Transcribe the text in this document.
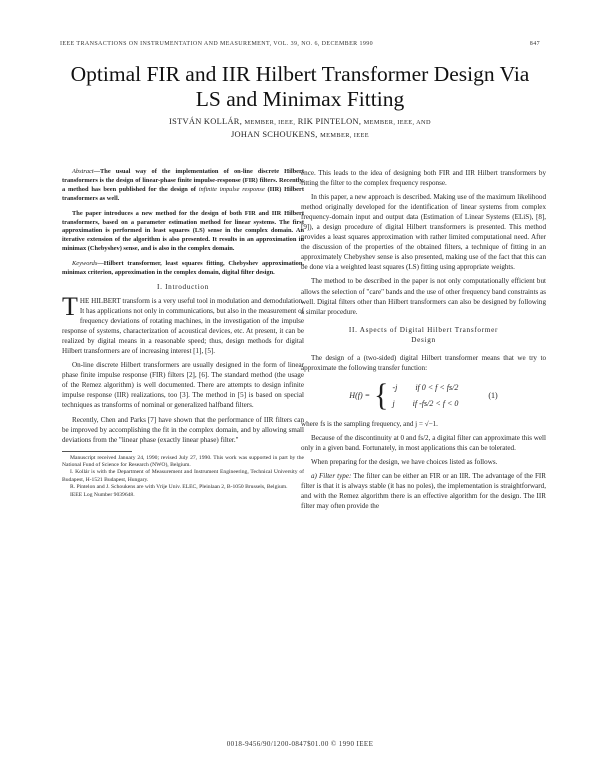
IEEE TRANSACTIONS ON INSTRUMENTATION AND MEASUREMENT, VOL. 39, NO. 6, DECEMBER 1990	847
Optimal FIR and IIR Hilbert Transformer Design Via
LS and Minimax Fitting
ISTVÁN KOLLÁR, MEMBER, IEEE, RIK PINTELON, MEMBER, IEEE, AND
JOHAN SCHOUKENS, MEMBER, IEEE

Abstract—The usual way of the implementation of on-line discrete Hilbert transformers is the design of linear-phase finite impulse-response (FIR) filters. Recently, a method has been published for the design of infinite impulse response (IIR) Hilbert transformers as well.

The paper introduces a new method for the design of both FIR and IIR Hilbert transformers, based on a parameter estimation method for linear systems. The first approximation is performed in least squares (LS) sense in the complex domain. An iterative extension of the algorithm is also presented. It results in an approximation in minimax (Chebyshev) sense, and is also in the complex domain.

Keywords—Hilbert transformer, least squares fitting, Chebyshev approximation, minimax criterion, approximation in the complex domain, digital filter design.

I. Introduction

THE HILBERT transform is a very useful tool in modulation and demodulation. It has applications not only in communications, but also in the measurement of frequency deviations of rotating machines, in the investigation of the impulse response of systems, characterization of acoustical devices, etc. At present, it can be realized by digital means in a reasonable speed; thus, design methods for digital Hilbert transformers are of increasing interest [1], [5].

On-line discrete Hilbert transformers are usually designed in the form of linear phase finite impulse response (FIR) filters [2], [6]. The standard method (the usage of the Remez algorithm) is well documented. There are attempts to design infinite impulse response (IIR) realizations, too [3]. The method in [5] is based on special techniques as transforms of nominal or generalized halfband filters.

Recently, Chen and Parks [7] have shown that the performance of IIR filters can be improved by accomplishing the fit in the complex domain, and by allowing small deviations from the "linear phase (exactly linear phase) filter."

Manuscript received January 24, 1990; revised July 27, 1990. This work was supported in part by the National Fund of Science for Research (NWO), Belgium.
I. Kollár is with the Department of Measurement and Instrument Engineering, Technical University of Budapest, H-1521 Budapest, Hungary.
R. Pintelon and J. Schoukens are with Vrije Univ. ELEC, Pleinlaan 2, B-1050 Brussels, Belgium.
IEEE Log Number 9039648.

ence. This leads to the idea of designing both FIR and IIR Hilbert transformers by fitting the filter to the complex frequency response.

In this paper, a new approach is described. Making use of the maximum likelihood method originally developed for the identification of linear systems from complex frequency-domain input and output data (Estimation of Linear Systems (ELiS), [8], [9]), a design procedure of digital Hilbert transformers is presented. This method provides a least squares approximation with rather limited computational need. After the discussion of the properties of the obtained filters, a technique of fitting in an approximately Chebyshev sense is also presented, making use of the fact that this can be done via a weighted least squares (LS) fitting using appropriate weights.

The method to be described in the paper is not only computationally efficient but allows the selection of "care" bands and the use of other frequency band constraints as well. Digital filters other than Hilbert transformers can also be designed by following a similar procedure.

II. Aspects of Digital Hilbert Transformer
Design

The design of a (two-sided) digital Hilbert transformer means that we try to approximate the following transfer function:

H(f) = { -j if 0 < f < fs/2
j if -fs/2 < f < 0
(1)

where fs is the sampling frequency, and j = √−1.

Because of the discontinuity at 0 and fs/2, a digital filter can approximate this well only in a given band. Fortunately, in most applications this can be tolerated.

When preparing for the design, we have choices listed as follows.

a) Filter type: The filter can be either an FIR or an IIR. The advantage of the FIR filter is that it is always stable (it has no poles), the implementation is straightforward, and with the Remez algorithm there is an effective algorithm for the design. The IIR filter may often provide the

0018-9456/90/1200-0847$01.00 © 1990 IEEE
